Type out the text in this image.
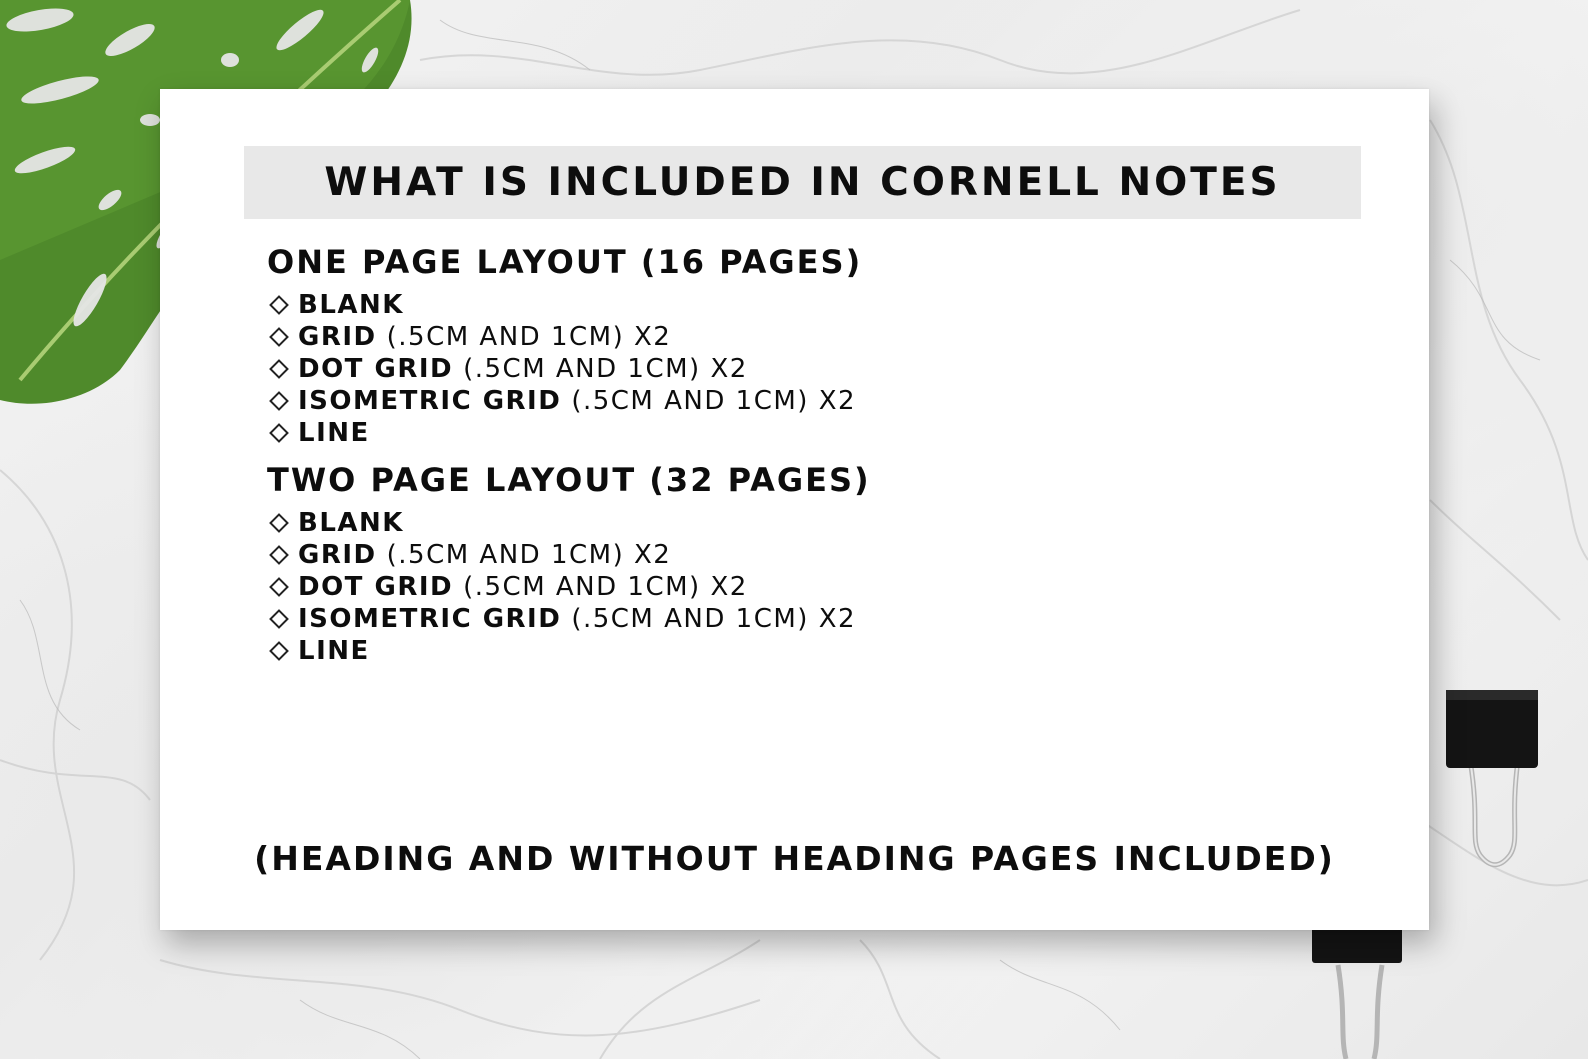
WHAT IS INCLUDED IN CORNELL NOTES
ONE PAGE LAYOUT (16 PAGES)
BLANK
GRID (.5CM AND 1CM) X2
DOT GRID (.5CM AND 1CM) X2
ISOMETRIC GRID (.5CM AND 1CM) X2
LINE
TWO PAGE LAYOUT (32 PAGES)
BLANK
GRID (.5CM AND 1CM) X2
DOT GRID (.5CM AND 1CM) X2
ISOMETRIC GRID (.5CM AND 1CM) X2
LINE

(HEADING AND WITHOUT HEADING PAGES INCLUDED)
